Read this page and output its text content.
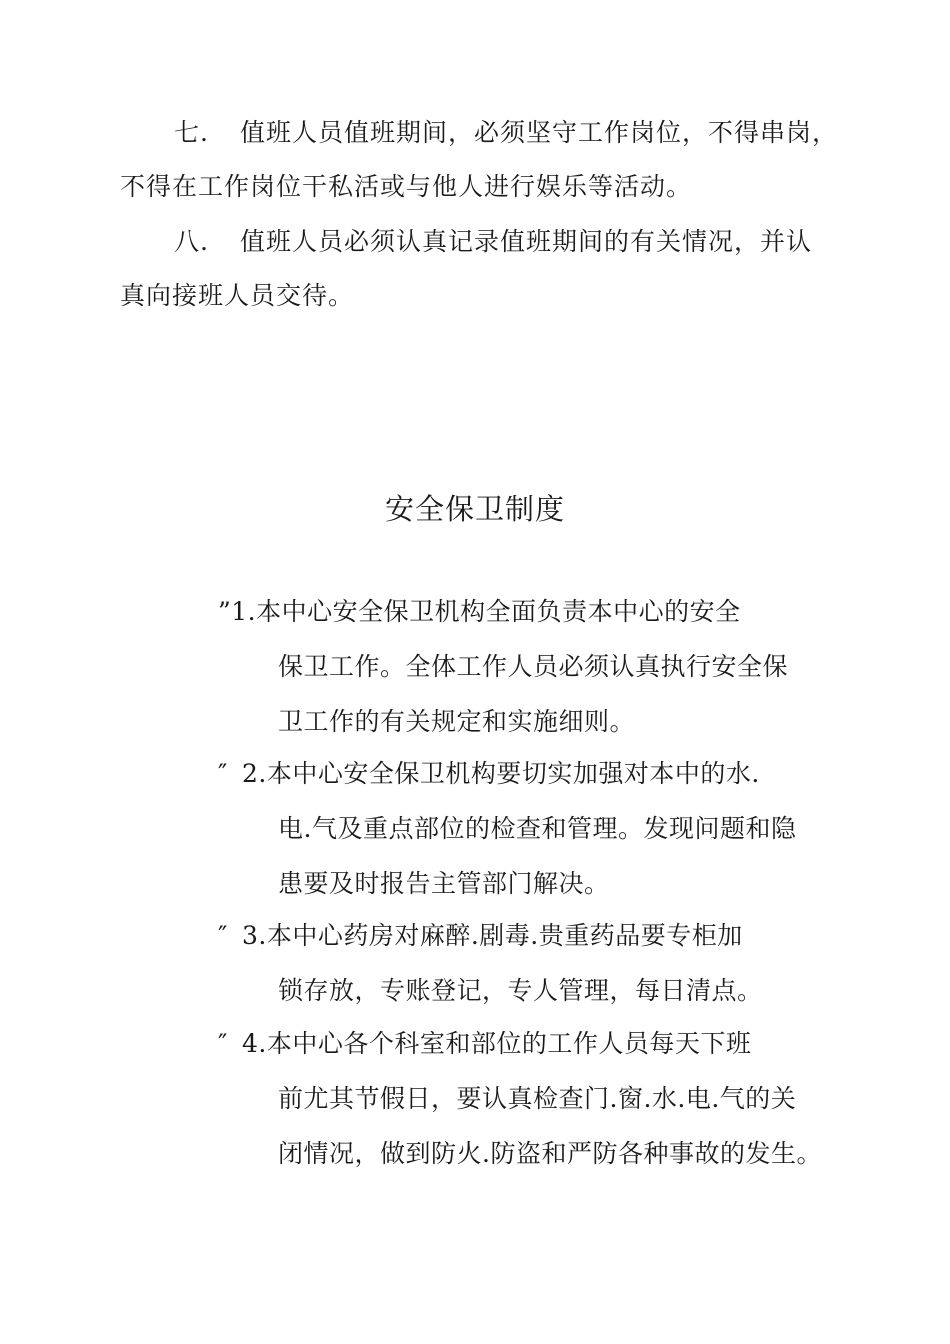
七. 值班人员值班期间，必须坚守工作岗位，不得串岗，
不得在工作岗位干私活或与他人进行娱乐等活动。

八. 值班人员必须认真记录值班期间的有关情况，并认
真向接班人员交待。

安全保卫制度
”1.本中心安全保卫机构全面负责本中心的安全
保卫工作。全体工作人员必须认真执行安全保
卫工作的有关规定和实施细则。
″ 2.本中心安全保卫机构要切实加强对本中的水.
电.气及重点部位的检查和管理。发现问题和隐
患要及时报告主管部门解决。
″ 3.本中心药房对麻醉.剧毒.贵重药品要专柜加
锁存放，专账登记，专人管理，每日清点。
″ 4.本中心各个科室和部位的工作人员每天下班
前尤其节假日，要认真检查门.窗.水.电.气的关
闭情况，做到防火.防盗和严防各种事故的发生。
